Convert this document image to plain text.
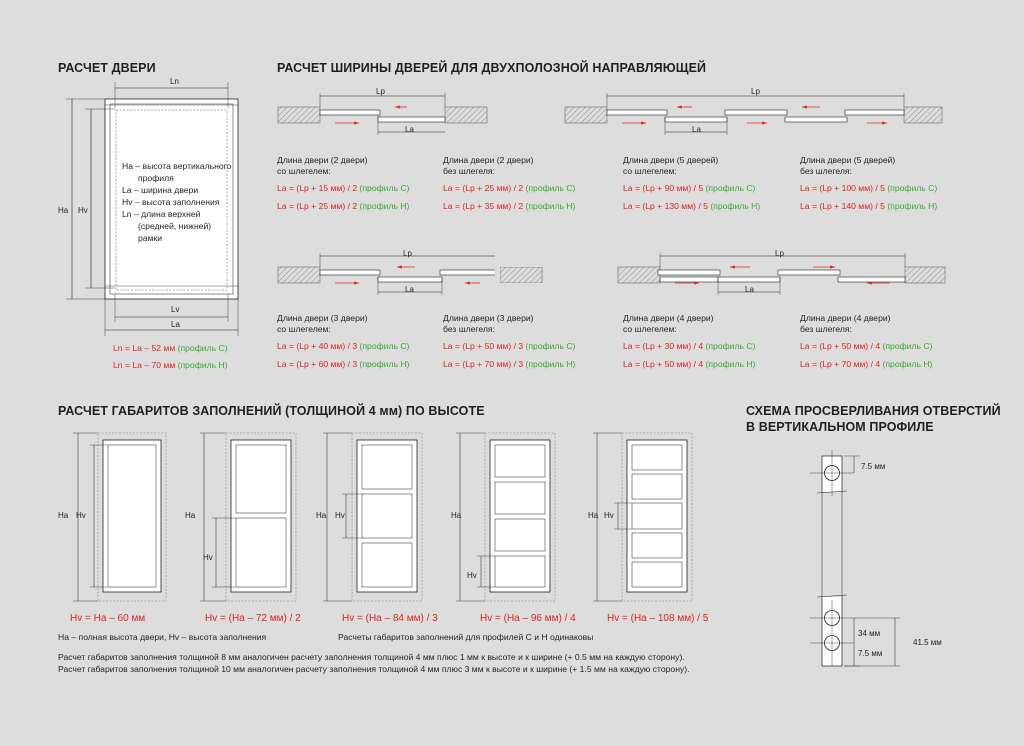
РАСЧЕТ ДВЕРИ
Ln
Ha Hv
Lv
La
Ha – высота вертикального
профиля
La – ширина двери
Hv – высота заполнения
Ln – длина верхней
(средней, нижней)
рамки
Ln = La – 52 мм (профиль С)
Ln = La – 70 мм (профиль Н)
РАСЧЕТ ШИРИНЫ ДВЕРЕЙ ДЛЯ ДВУХПОЛОЗНОЙ НАПРАВЛЯЮЩЕЙ
Lp
La
Lp
La
Lp
La
Lp
La
Длина двери (2 двери)
со шлегелем:
La = (Lp + 15 мм) / 2 (профиль С)
La = (Lp + 25 мм) / 2 (профиль Н)
Длина двери (2 двери)
без шлегеля:
La = (Lp + 25 мм) / 2 (профиль С)
La = (Lp + 35 мм) / 2 (профиль Н)
Длина двери (5 дверей)
со шлегелем:
La = (Lp + 90 мм) / 5 (профиль С)
La = (Lp + 130 мм) / 5 (профиль Н)
Длина двери (5 дверей)
без шлегеля:
La = (Lp + 100 мм) / 5 (профиль С)
La = (Lp + 140 мм) / 5 (профиль Н)
Длина двери (3 двери)
со шлегелем:
La = (Lp + 40 мм) / 3 (профиль С)
La = (Lp + 60 мм) / 3 (профиль Н)
Длина двери (3 двери)
без шлегеля:
La = (Lp + 50 мм) / 3 (профиль С)
La = (Lp + 70 мм) / 3 (профиль Н)
Длина двери (4 двери)
со шлегелем:
La = (Lp + 30 мм) / 4 (профиль С)
La = (Lp + 50 мм) / 4 (профиль Н)
Длина двери (4 двери)
без шлегеля:
La = (Lp + 50 мм) / 4 (профиль С)
La = (Lp + 70 мм) / 4 (профиль Н)
РАСЧЕТ ГАБАРИТОВ ЗАПОЛНЕНИЙ (ТОЛЩИНОЙ 4 мм) ПО ВЫСОТЕ
Ha Hv	Ha
Hv
Ha Hv	Ha
Hv
Ha Hv
Hv = Ha – 60 мм	Hv = (Ha – 72 мм) / 2	Hv = (Ha – 84 мм) / 3	Hv = (Ha – 96 мм) / 4	Hv = (Ha – 108 мм) / 5
Ha – полная высота двери, Hv – высота заполнения	Расчеты габаритов заполнений для профилей С и Н одинаковы
Расчет габаритов заполнения толщиной 8 мм аналогичен расчету заполнения толщиной 4 мм плюс 1 мм к высоте и к ширине (+ 0.5 мм на каждую сторону).
Расчет габаритов заполнения толщиной 10 мм аналогичен расчету заполнения толщиной 4 мм плюс 3 мм к высоте и к ширине (+ 1.5 мм на каждую сторону).
СХЕМА ПРОСВЕРЛИВАНИЯ ОТВЕРСТИЙ
В ВЕРТИКАЛЬНОМ ПРОФИЛЕ
7.5 мм
34 мм
7.5 мм
41.5 мм
